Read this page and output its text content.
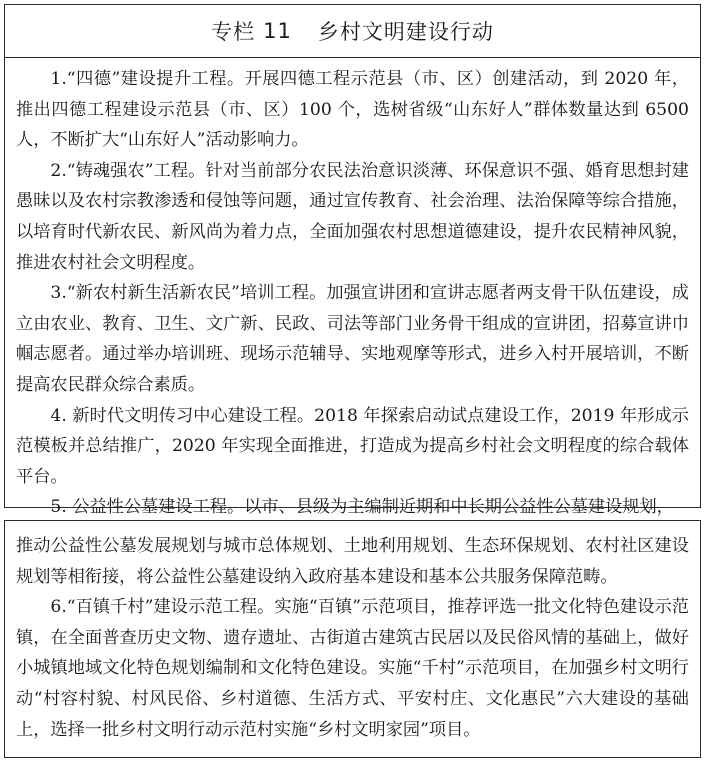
专栏 11 乡村文明建设行动

1.“四德”建设提升工程。开展四德工程示范县（市、区）创建活动，到 2020 年，推出四德工程建设示范县（市、区）100 个，选树省级“山东好人”群体数量达到 6500 人，不断扩大“山东好人”活动影响力。

2.“铸魂强农”工程。针对当前部分农民法治意识淡薄、环保意识不强、婚育思想封建愚昧以及农村宗教渗透和侵蚀等问题，通过宣传教育、社会治理、法治保障等综合措施，以培育时代新农民、新风尚为着力点，全面加强农村思想道德建设，提升农民精神风貌，推进农村社会文明程度。

3.“新农村新生活新农民”培训工程。加强宣讲团和宣讲志愿者两支骨干队伍建设，成立由农业、教育、卫生、文广新、民政、司法等部门业务骨干组成的宣讲团，招募宣讲巾帼志愿者。通过举办培训班、现场示范辅导、实地观摩等形式，进乡入村开展培训，不断提高农民群众综合素质。

4. 新时代文明传习中心建设工程。2018 年探索启动试点建设工作，2019 年形成示范模板并总结推广，2020 年实现全面推进，打造成为提高乡村社会文明程度的综合载体平台。

5. 公益性公墓建设工程。以市、县级为主编制近期和中长期公益性公墓建设规划，

推动公益性公墓发展规划与城市总体规划、土地利用规划、生态环保规划、农村社区建设规划等相衔接，将公益性公墓建设纳入政府基本建设和基本公共服务保障范畴。

6.“百镇千村”建设示范工程。实施“百镇”示范项目，推荐评选一批文化特色建设示范镇，在全面普查历史文物、遗存遗址、古街道古建筑古民居以及民俗风情的基础上，做好小城镇地域文化特色规划编制和文化特色建设。实施“千村”示范项目，在加强乡村文明行动“村容村貌、村风民俗、乡村道德、生活方式、平安村庄、文化惠民”六大建设的基础上，选择一批乡村文明行动示范村实施“乡村文明家园”项目。
